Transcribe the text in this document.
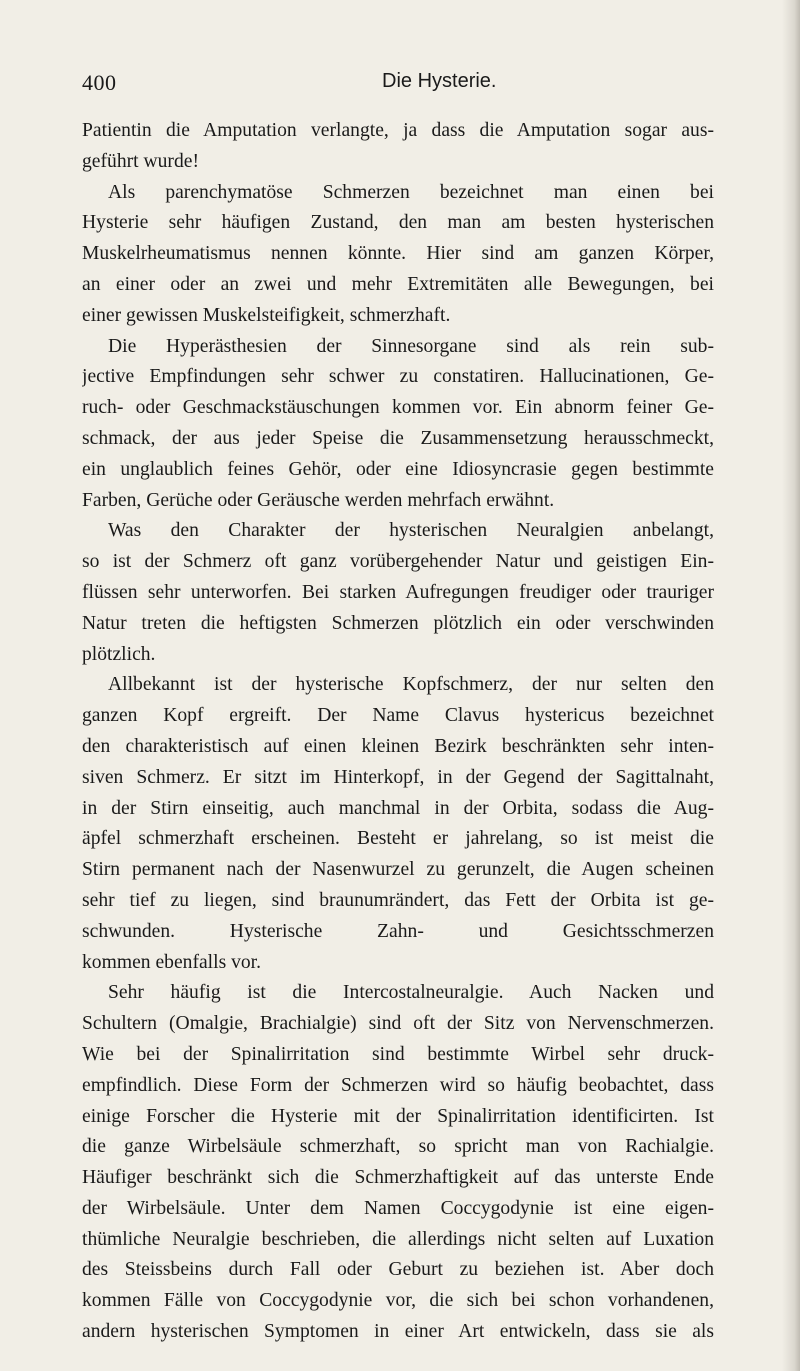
400	Die Hysterie.
Patientin die Amputation verlangte, ja dass die Amputation sogar aus-
geführt wurde!
Als parenchymatöse Schmerzen bezeichnet man einen bei
Hysterie sehr häufigen Zustand, den man am besten hysterischen
Muskelrheumatismus nennen könnte. Hier sind am ganzen Körper,
an einer oder an zwei und mehr Extremitäten alle Bewegungen, bei
einer gewissen Muskelsteifigkeit, schmerzhaft.
Die Hyperästhesien der Sinnesorgane sind als rein sub-
jective Empfindungen sehr schwer zu constatiren. Hallucinationen, Ge-
ruch- oder Geschmackstäuschungen kommen vor. Ein abnorm feiner Ge-
schmack, der aus jeder Speise die Zusammensetzung herausschmeckt,
ein unglaublich feines Gehör, oder eine Idiosyncrasie gegen bestimmte
Farben, Gerüche oder Geräusche werden mehrfach erwähnt.
Was den Charakter der hysterischen Neuralgien anbelangt,
so ist der Schmerz oft ganz vorübergehender Natur und geistigen Ein-
flüssen sehr unterworfen. Bei starken Aufregungen freudiger oder trauriger
Natur treten die heftigsten Schmerzen plötzlich ein oder verschwinden
plötzlich.
Allbekannt ist der hysterische Kopfschmerz, der nur selten den
ganzen Kopf ergreift. Der Name Clavus hystericus bezeichnet
den charakteristisch auf einen kleinen Bezirk beschränkten sehr inten-
siven Schmerz. Er sitzt im Hinterkopf, in der Gegend der Sagittalnaht,
in der Stirn einseitig, auch manchmal in der Orbita, sodass die Aug-
äpfel schmerzhaft erscheinen. Besteht er jahrelang, so ist meist die
Stirn permanent nach der Nasenwurzel zu gerunzelt, die Augen scheinen
sehr tief zu liegen, sind braunumrändert, das Fett der Orbita ist ge-
schwunden. Hysterische Zahn- und Gesichtsschmerzen
kommen ebenfalls vor.
Sehr häufig ist die Intercostalneuralgie. Auch Nacken und
Schultern (Omalgie, Brachialgie) sind oft der Sitz von Nervenschmerzen.
Wie bei der Spinalirritation sind bestimmte Wirbel sehr druck-
empfindlich. Diese Form der Schmerzen wird so häufig beobachtet, dass
einige Forscher die Hysterie mit der Spinalirritation identificirten. Ist
die ganze Wirbelsäule schmerzhaft, so spricht man von Rachialgie.
Häufiger beschränkt sich die Schmerzhaftigkeit auf das unterste Ende
der Wirbelsäule. Unter dem Namen Coccygodynie ist eine eigen-
thümliche Neuralgie beschrieben, die allerdings nicht selten auf Luxation
des Steissbeins durch Fall oder Geburt zu beziehen ist. Aber doch
kommen Fälle von Coccygodynie vor, die sich bei schon vorhandenen,
andern hysterischen Symptomen in einer Art entwickeln, dass sie als
